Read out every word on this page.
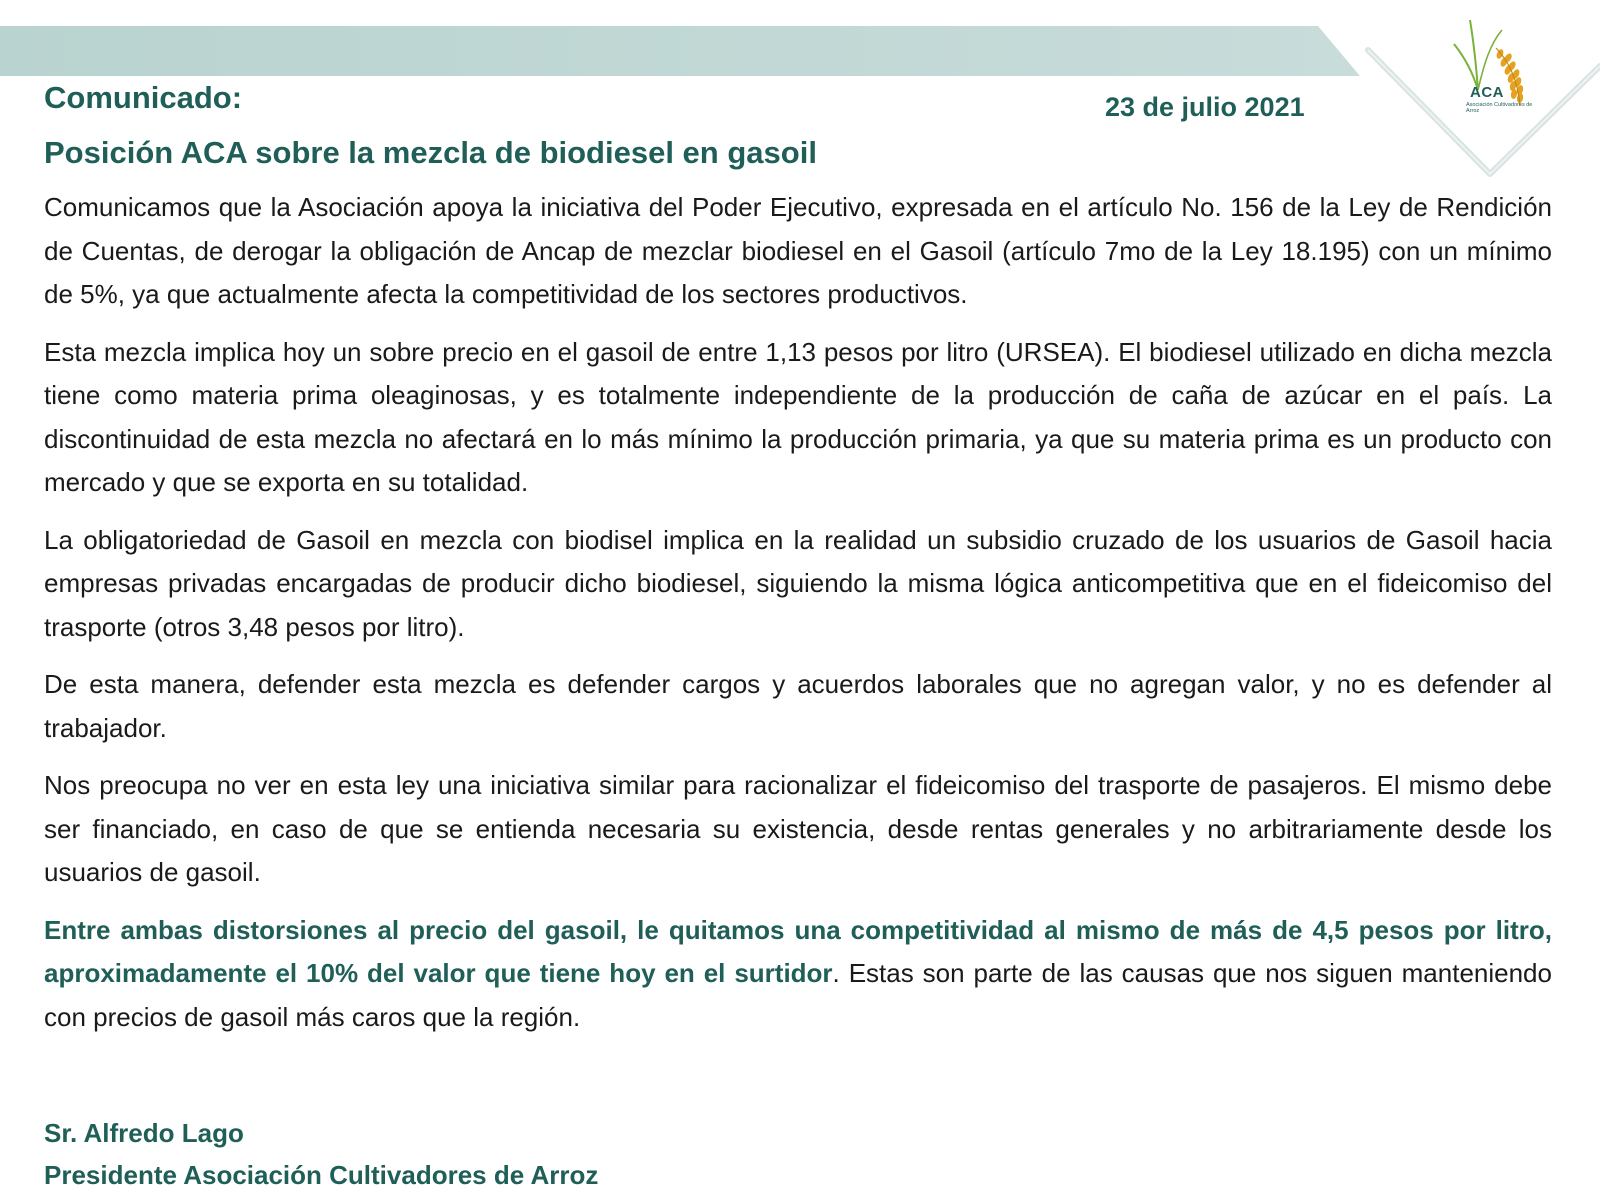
ACA
Asociación Cultivadores de Arroz
Comunicado:	23 de julio 2021
Posición ACA sobre la mezcla de biodiesel en gasoil

Comunicamos que la Asociación apoya la iniciativa del Poder Ejecutivo, expresada en el artículo No. 156 de la Ley de Rendición de Cuentas, de derogar la obligación de Ancap de mezclar biodiesel en el Gasoil (artículo 7mo de la Ley 18.195) con un mínimo de 5%, ya que actualmente afecta la competitividad de los sectores productivos.

Esta mezcla implica hoy un sobre precio en el gasoil de entre 1,13 pesos por litro (URSEA). El biodiesel utilizado en dicha mezcla tiene como materia prima oleaginosas, y es totalmente independiente de la producción de caña de azúcar en el país. La discontinuidad de esta mezcla no afectará en lo más mínimo la producción primaria, ya que su materia prima es un producto con mercado y que se exporta en su totalidad.

La obligatoriedad de Gasoil en mezcla con biodisel implica en la realidad un subsidio cruzado de los usuarios de Gasoil hacia empresas privadas encargadas de producir dicho biodiesel, siguiendo la misma lógica anticompetitiva que en el fideicomiso del trasporte (otros 3,48 pesos por litro).

De esta manera, defender esta mezcla es defender cargos y acuerdos laborales que no agregan valor, y no es defender al trabajador.

Nos preocupa no ver en esta ley una iniciativa similar para racionalizar el fideicomiso del trasporte de pasajeros. El mismo debe ser financiado, en caso de que se entienda necesaria su existencia, desde rentas generales y no arbitrariamente desde los usuarios de gasoil.

Entre ambas distorsiones al precio del gasoil, le quitamos una competitividad al mismo de más de 4,5 pesos por litro, aproximadamente el 10% del valor que tiene hoy en el surtidor. Estas son parte de las causas que nos siguen manteniendo con precios de gasoil más caros que la región.

Sr. Alfredo Lago

Presidente Asociación Cultivadores de Arroz
